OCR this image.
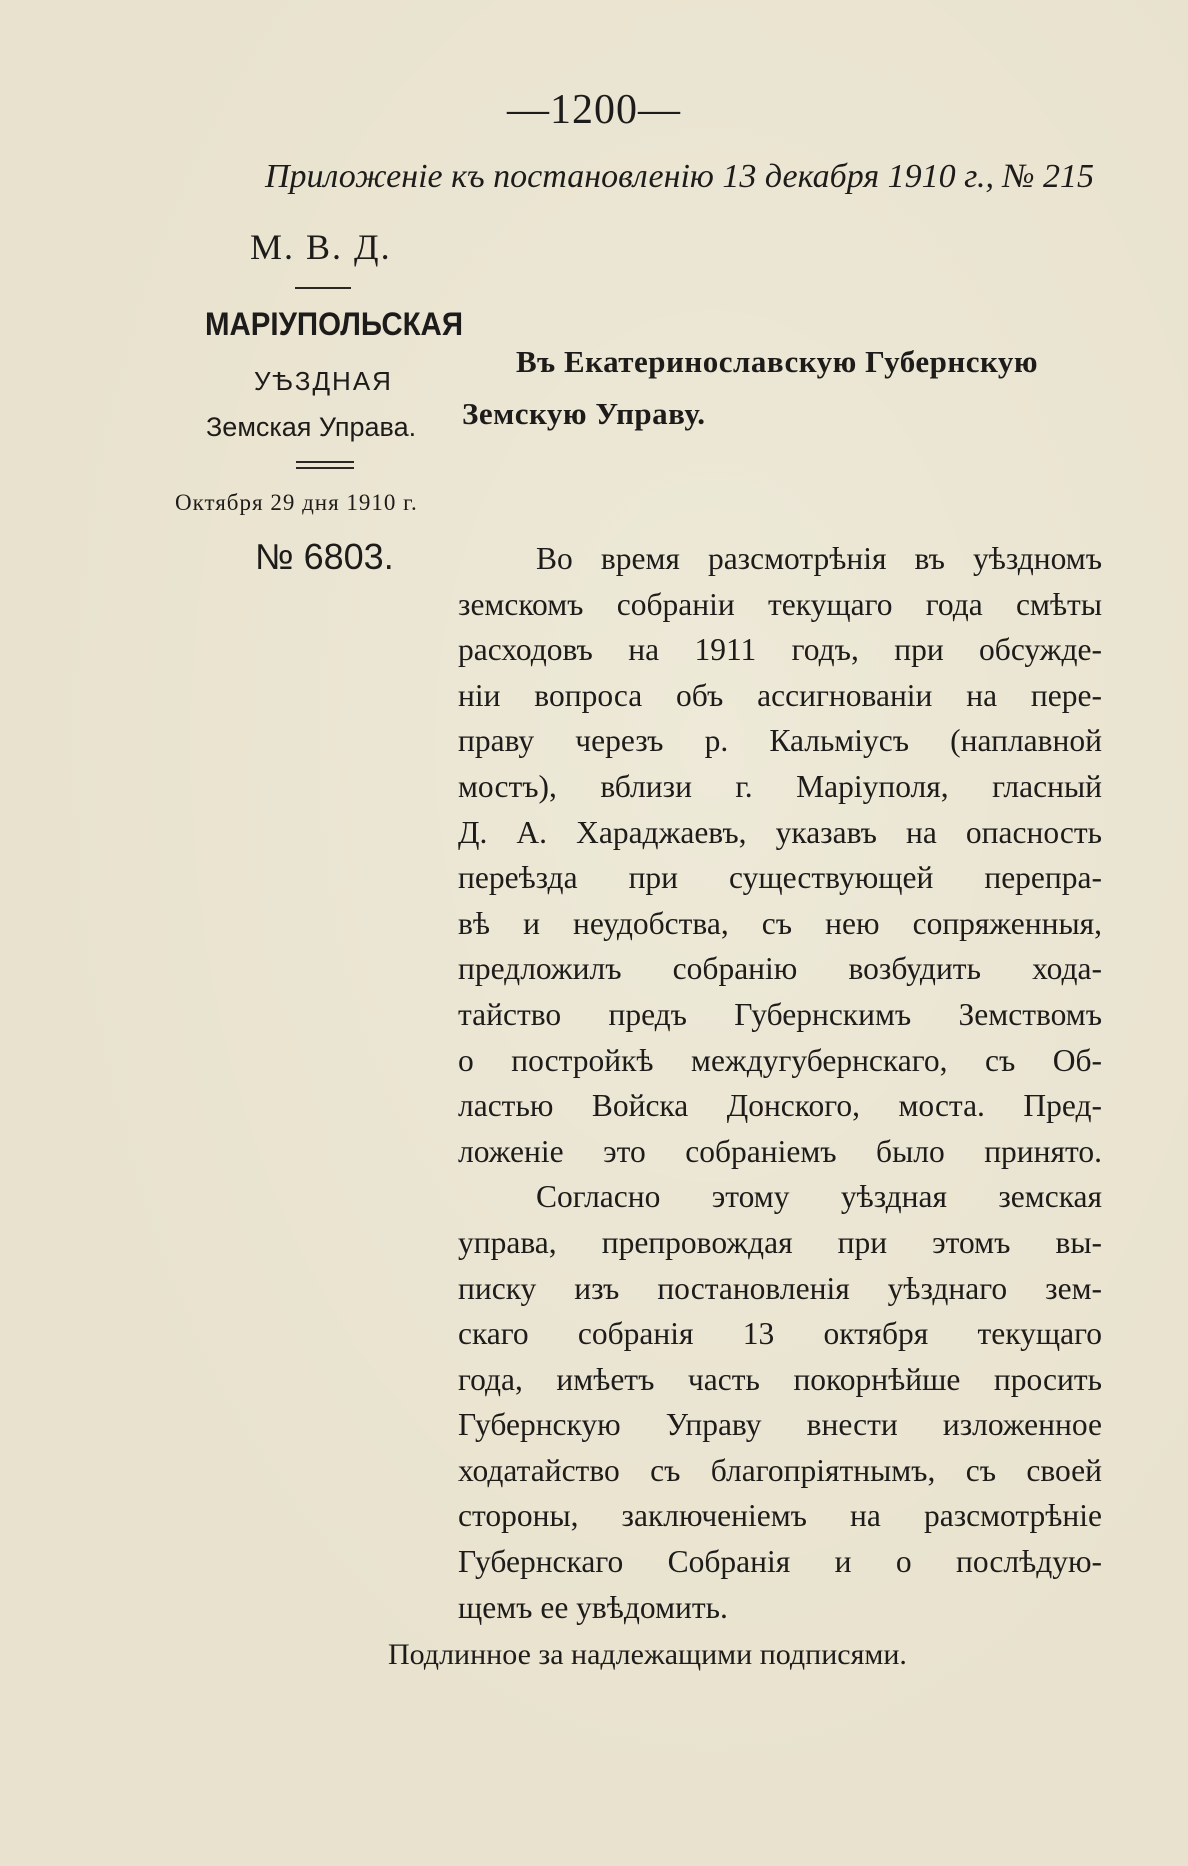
—1200—
Приложеніе къ постановленію 13 декабря 1910 г., № 215
М. В. Д.
МАРІУПОЛЬСКАЯ
УѢЗДНАЯ
Земская Управа.
Октября 29 дня 1910 г.
№ 6803.
Въ Екатеринославскую Губернскую
Земскую Управу.
Во время разсмотрѣнія въ уѣздномъ
земскомъ собраніи текущаго года смѣты
расходовъ на 1911 годъ, при обсужде-
ніи вопроса объ ассигнованіи на пере-
праву черезъ р. Кальміусъ (наплавной
мостъ), вблизи г. Маріуполя, гласный
Д. А. Хараджаевъ, указавъ на опасность
переѣзда при существующей перепра-
вѣ и неудобства, съ нею сопряженныя,
предложилъ собранію возбудить хода-
тайство предъ Губернскимъ Земствомъ
о постройкѣ междугубернскаго, съ Об-
ластью Войска Донского, моста. Пред-
ложеніе это собраніемъ было принято.
Согласно этому уѣздная земская
управа, препровождая при этомъ вы-
писку изъ постановленія уѣзднаго зем-
скаго собранія 13 октября текущаго
года, имѣетъ часть покорнѣйше просить
Губернскую Управу внести изложенное
ходатайство съ благопріятнымъ, съ своей
стороны, заключеніемъ на разсмотрѣніе
Губернскаго Собранія и о послѣдую-
щемъ ее увѣдомить.
Подлинное за надлежащими подписями.
